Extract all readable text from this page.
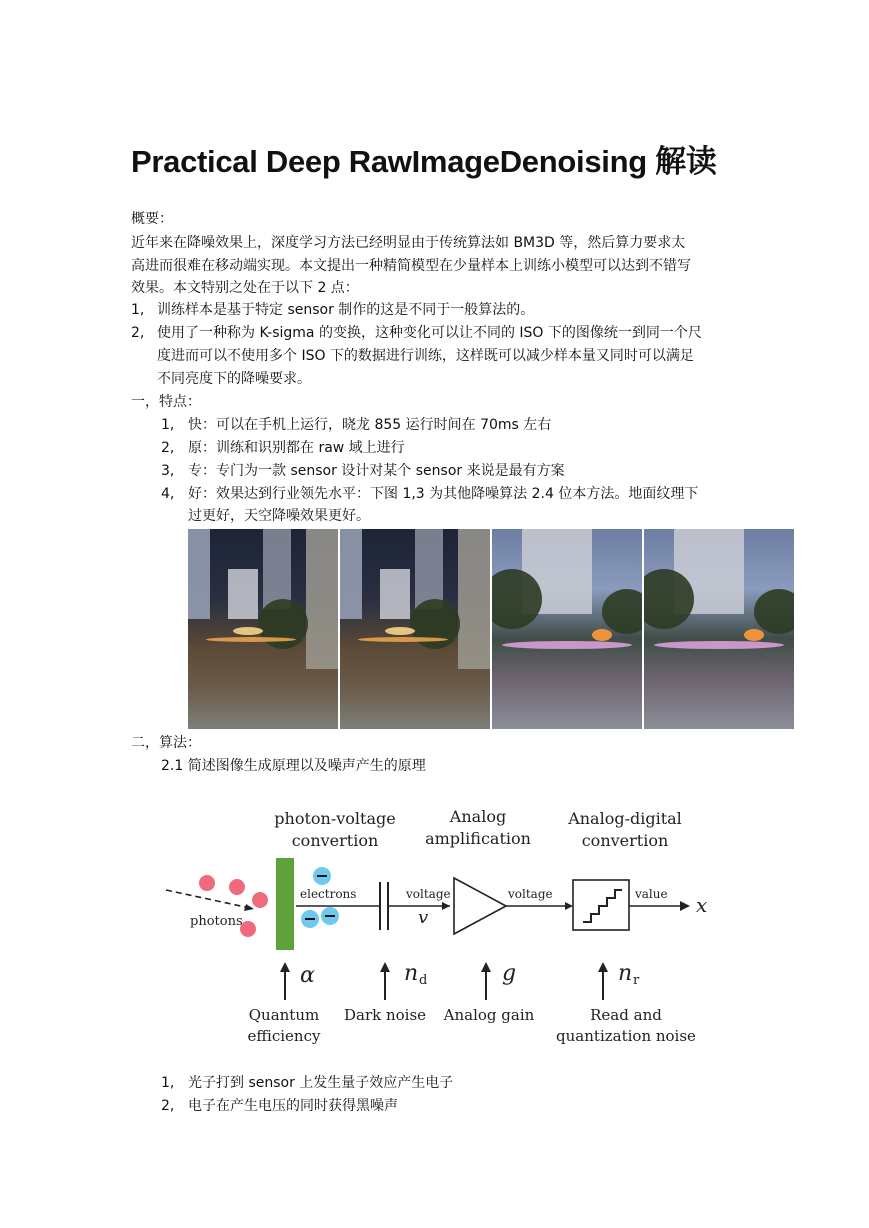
Practical Deep RawImageDenoising 解读
概要：
近年来在降噪效果上，深度学习方法已经明显由于传统算法如 BM3D 等，然后算力要求太
高进而很难在移动端实现。本文提出一种精简模型在少量样本上训练小模型可以达到不错写
效果。本文特别之处在于以下 2 点：
1, 训练样本是基于特定 sensor 制作的这是不同于一般算法的。
2, 使用了一种称为 K-sigma 的变换，这种变化可以让不同的 ISO 下的图像统一到同一个尺
度进而可以不使用多个 ISO 下的数据进行训练，这样既可以减少样本量又同时可以满足
不同亮度下的降噪要求。
一，特点：
1, 快：可以在手机上运行，晓龙 855 运行时间在 70ms 左右
2, 原：训练和识别都在 raw 域上进行
3, 专：专门为一款 sensor 设计对某个 sensor 来说是最有方案
4, 好：效果达到行业领先水平：下图 1,3 为其他降噪算法 2.4 位本方法。地面纹理下
过更好，天空降噪效果更好。
二，算法：
2.1 简述图像生成原理以及噪声产生的原理
photon-voltage
convertion
Analog
amplification
Analog-digital
convertion
photons
electrons	voltage
v
voltage	value x
α	n d	g	n r
Quantum
efficiency
Dark noise Analog gain	Read and
quantization noise
1, 光子打到 sensor 上发生量子效应产生电子
2, 电子在产生电压的同时获得黑噪声
